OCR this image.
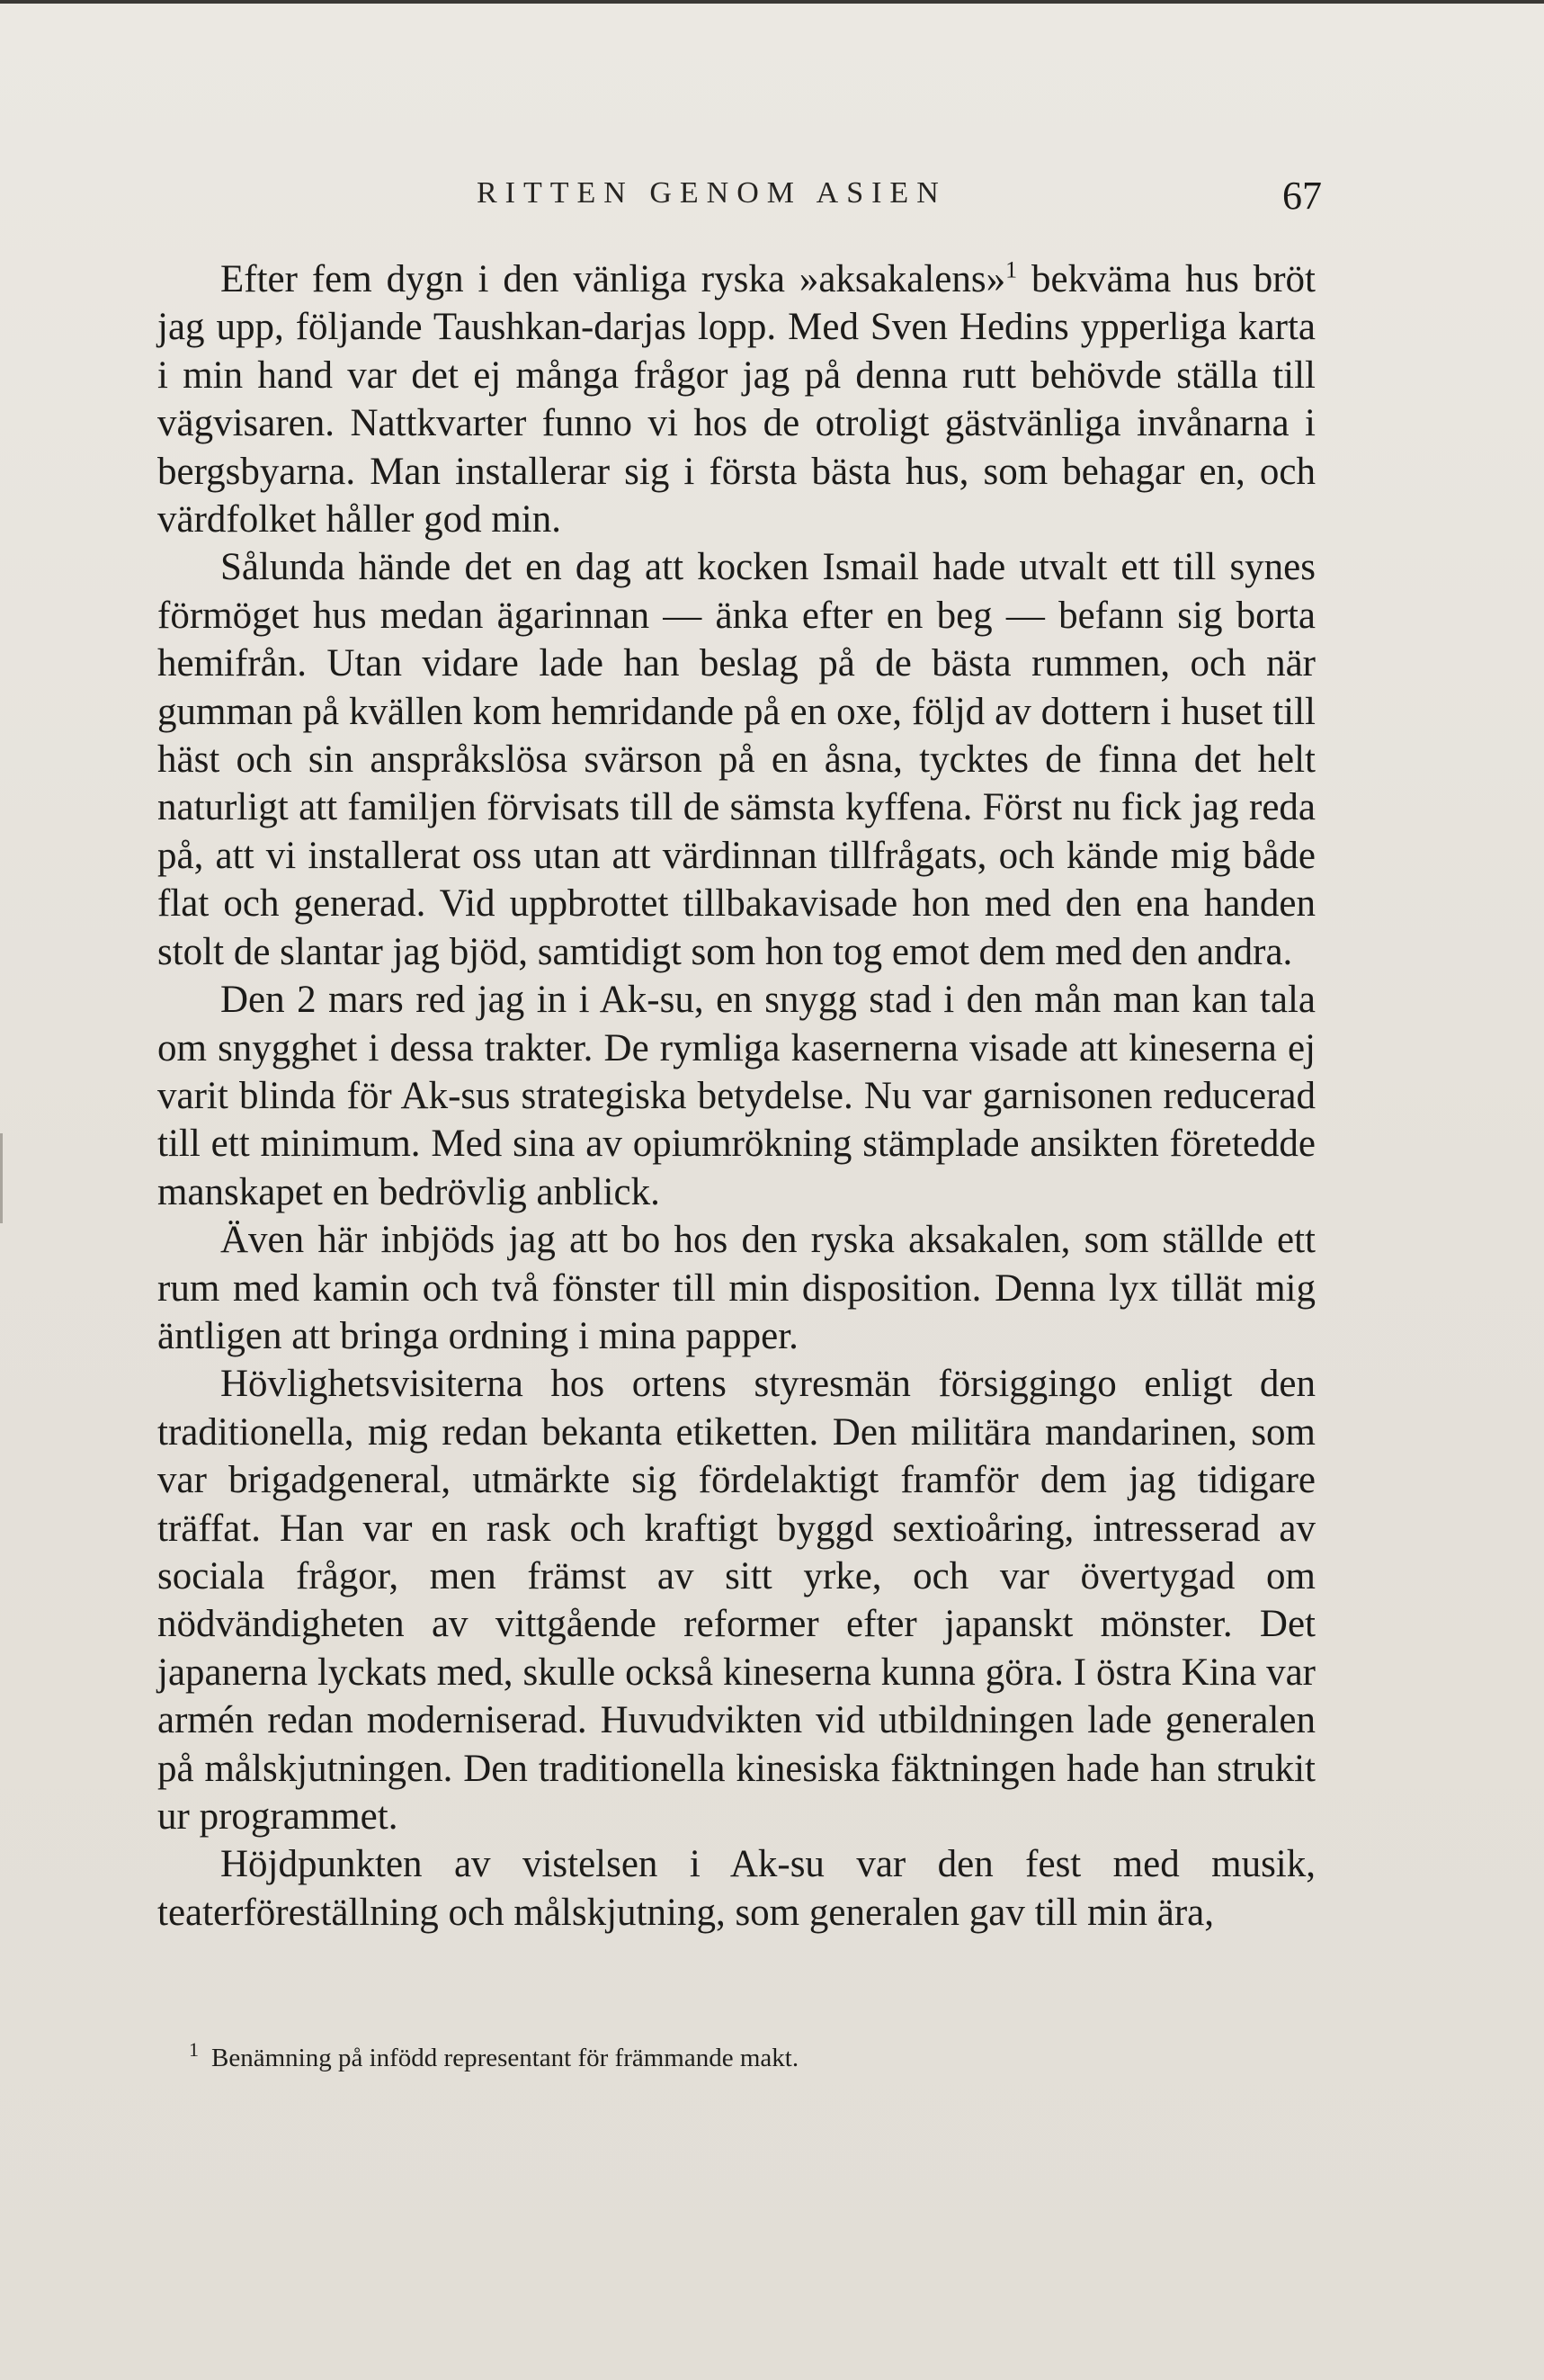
RITTEN GENOM ASIEN	67

Efter fem dygn i den vänliga ryska »aksakalens»$^1$ bekväma hus bröt jag upp, följande Taushkan-darjas lopp. Med Sven Hedins ypperliga karta i min hand var det ej många frågor jag på denna rutt behövde ställa till vägvisaren. Nattkvarter funno vi hos de otroligt gästvänliga invånarna i bergsbyarna. Man installerar sig i första bästa hus, som behagar en, och värdfolket håller god min.

Sålunda hände det en dag att kocken Ismail hade utvalt ett till synes förmöget hus medan ägarinnan — änka efter en beg — befann sig borta hemifrån. Utan vidare lade han beslag på de bästa rummen, och när gumman på kvällen kom hemridande på en oxe, följd av dottern i huset till häst och sin anspråkslösa svärson på en åsna, tycktes de finna det helt naturligt att familjen förvisats till de sämsta kyffena. Först nu fick jag reda på, att vi installerat oss utan att värdinnan tillfrågats, och kände mig både flat och generad. Vid uppbrottet tillbakavisade hon med den ena handen stolt de slantar jag bjöd, samtidigt som hon tog emot dem med den andra.

Den 2 mars red jag in i Ak-su, en snygg stad i den mån man kan tala om snygghet i dessa trakter. De rymliga kasernerna visade att kineserna ej varit blinda för Ak-sus strategiska betydelse. Nu var garnisonen reducerad till ett minimum. Med sina av opiumrökning stämplade ansikten företedde manskapet en bedrövlig anblick.

Även här inbjöds jag att bo hos den ryska aksakalen, som ställde ett rum med kamin och två fönster till min disposition. Denna lyx tillät mig äntligen att bringa ordning i mina papper.

Hövlighetsvisiterna hos ortens styresmän försiggingo enligt den traditionella, mig redan bekanta etiketten. Den militära mandarinen, som var brigadgeneral, utmärkte sig fördelaktigt framför dem jag tidigare träffat. Han var en rask och kraftigt byggd sextioåring, intresserad av sociala frågor, men främst av sitt yrke, och var övertygad om nödvändigheten av vittgående reformer efter japanskt mönster. Det japanerna lyckats med, skulle också kineserna kunna göra. I östra Kina var armén redan moderniserad. Huvudvikten vid utbildningen lade generalen på målskjutningen. Den traditionella kinesiska fäktningen hade han strukit ur programmet.

Höjdpunkten av vistelsen i Ak-su var den fest med musik, teaterföreställning och målskjutning, som generalen gav till min ära,

$^1$ Benämning på infödd representant för främmande makt.
